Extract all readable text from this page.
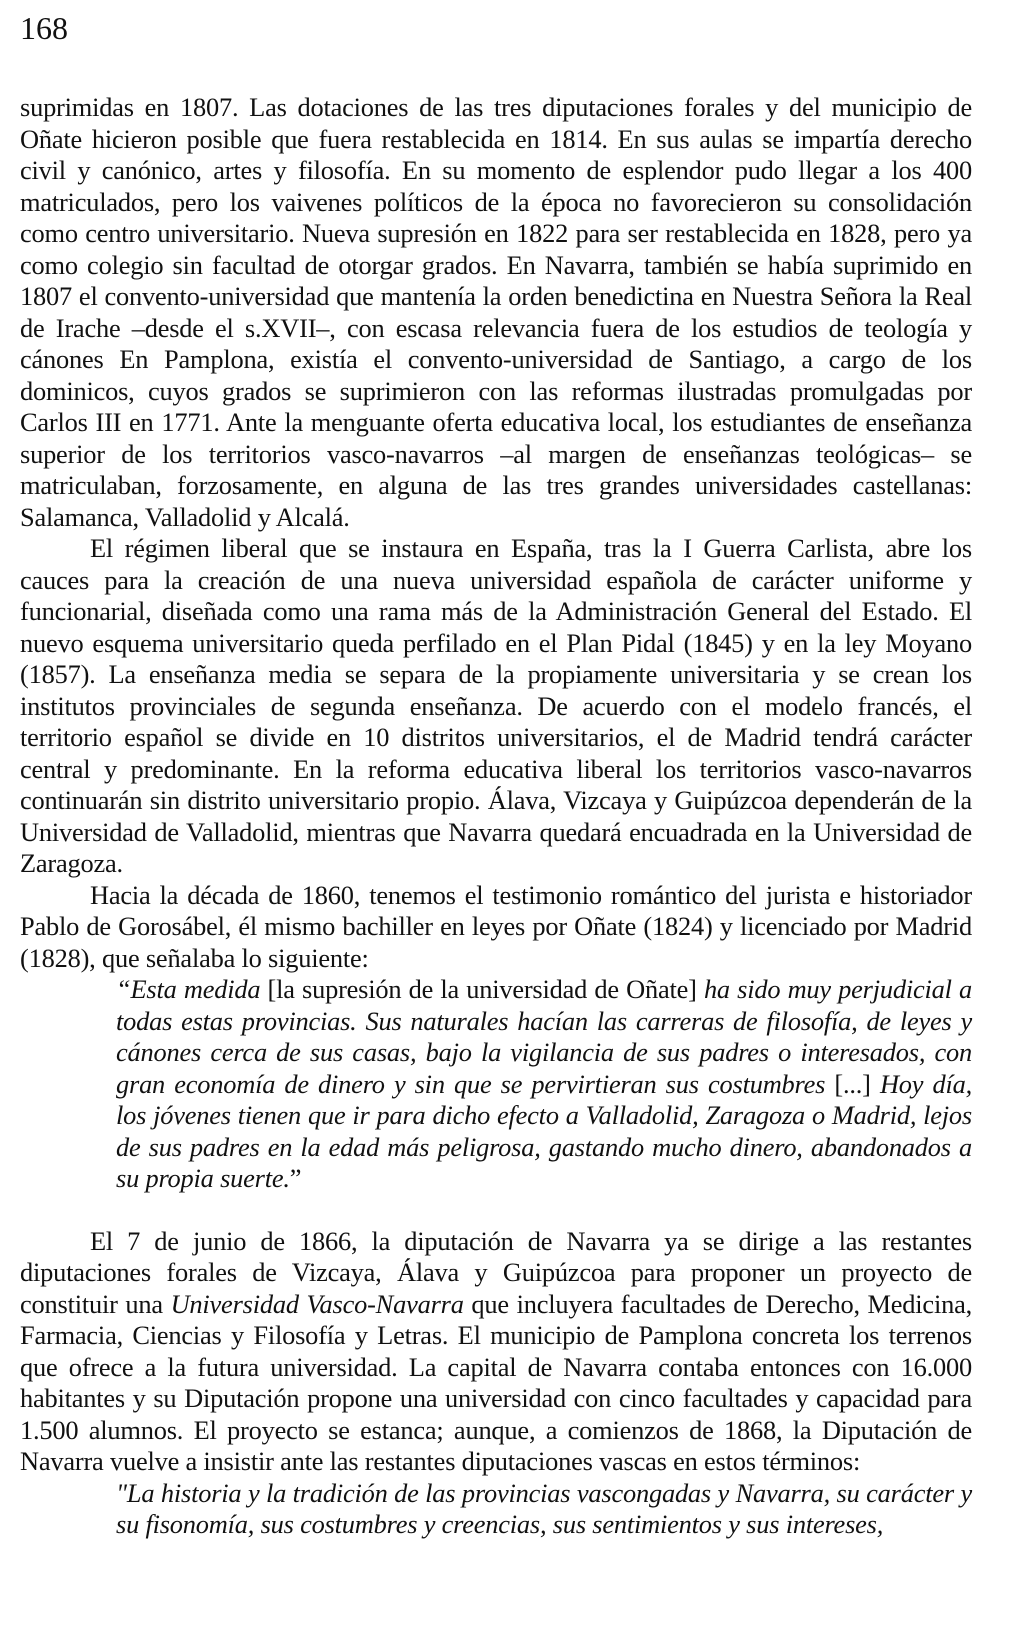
168

suprimidas en 1807. Las dotaciones de las tres diputaciones forales y del municipio de Oñate hicieron posible que fuera restablecida en 1814. En sus aulas se impartía derecho civil y canónico, artes y filosofía. En su momento de esplendor pudo llegar a los 400 matriculados, pero los vaivenes políticos de la época no favorecieron su consolidación como centro universitario. Nueva supresión en 1822 para ser restablecida en 1828, pero ya como colegio sin facultad de otorgar grados. En Navarra, también se había suprimido en 1807 el convento-universidad que mantenía la orden benedictina en Nuestra Señora la Real de Irache –desde el s.XVII–, con escasa relevancia fuera de los estudios de teología y cánones En Pamplona, existía el convento-universidad de Santiago, a cargo de los dominicos, cuyos grados se suprimieron con las reformas ilustradas promulgadas por Carlos III en 1771. Ante la menguante oferta educativa local, los estudiantes de enseñanza superior de los territorios vasco-navarros –al margen de enseñanzas teológicas– se matriculaban, forzosamente, en alguna de las tres grandes universidades castellanas: Salamanca, Valladolid y Alcalá.

El régimen liberal que se instaura en España, tras la I Guerra Carlista, abre los cauces para la creación de una nueva universidad española de carácter uniforme y funcionarial, diseñada como una rama más de la Administración General del Estado. El nuevo esquema universitario queda perfilado en el Plan Pidal (1845) y en la ley Moyano (1857). La enseñanza media se separa de la propiamente universitaria y se crean los institutos provinciales de segunda enseñanza. De acuerdo con el modelo francés, el territorio español se divide en 10 distritos universitarios, el de Madrid tendrá carácter central y predominante. En la reforma educativa liberal los territorios vasco-navarros continuarán sin distrito universitario propio. Álava, Vizcaya y Guipúzcoa dependerán de la Universidad de Valladolid, mientras que Navarra quedará encuadrada en la Universidad de Zaragoza.

Hacia la década de 1860, tenemos el testimonio romántico del jurista e historiador Pablo de Gorosábel, él mismo bachiller en leyes por Oñate (1824) y licenciado por Madrid (1828), que señalaba lo siguiente:

“Esta medida [la supresión de la universidad de Oñate] ha sido muy perjudicial a todas estas provincias. Sus naturales hacían las carreras de filosofía, de leyes y cánones cerca de sus casas, bajo la vigilancia de sus padres o interesados, con gran economía de dinero y sin que se pervirtieran sus costumbres [...] Hoy día, los jóvenes tienen que ir para dicho efecto a Valladolid, Zaragoza o Madrid, lejos de sus padres en la edad más peligrosa, gastando mucho dinero, abandonados a su propia suerte.”

El 7 de junio de 1866, la diputación de Navarra ya se dirige a las restantes diputaciones forales de Vizcaya, Álava y Guipúzcoa para proponer un proyecto de constituir una Universidad Vasco-Navarra que incluyera facultades de Derecho, Medicina, Farmacia, Ciencias y Filosofía y Letras. El municipio de Pamplona concreta los terrenos que ofrece a la futura universidad. La capital de Navarra contaba entonces con 16.000 habitantes y su Diputación propone una universidad con cinco facultades y capacidad para 1.500 alumnos. El proyecto se estanca; aunque, a comienzos de 1868, la Diputación de Navarra vuelve a insistir ante las restantes diputaciones vascas en estos términos:

"La historia y la tradición de las provincias vascongadas y Navarra, su carácter y su fisonomía, sus costumbres y creencias, sus sentimientos y sus intereses,
